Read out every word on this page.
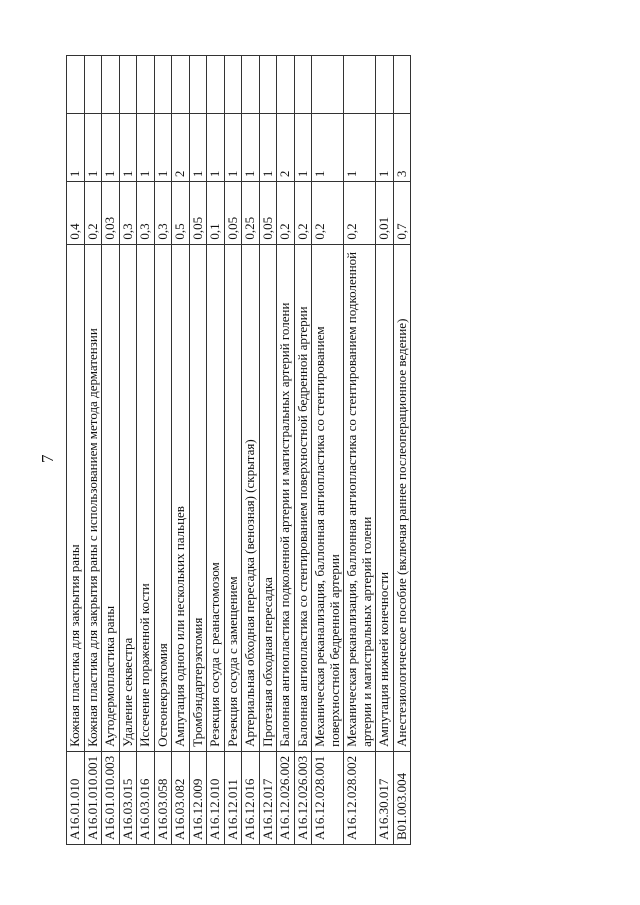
7
A16.01.010	Кожная пластика для закрытия раны	0,4	1	
A16.01.010.001	Кожная пластика для закрытия раны с использованием метода дерматензии	0,2	1	
A16.01.010.003	Аутодермопластика раны	0,03	1	
A16.03.015	Удаление секвестра	0,3	1	
A16.03.016	Иссечение пораженной кости	0,3	1	
A16.03.058	Остеонекрэктомия	0,3	1	
A16.03.082	Ампутация одного или нескольких пальцев	0,5	2	
A16.12.009	Тромбэндартерэктомия	0,05	1	
A16.12.010	Резекция сосуда с реанастомозом	0,1	1	
A16.12.011	Резекция сосуда с замещением	0,05	1	
A16.12.016	Артериальная обходная пересадка (венозная) (скрытая)	0,25	1	
A16.12.017	Протезная обходная пересадка	0,05	1	
A16.12.026.002	Балонная ангиопластика подколенной артерии и магистральных артерий голени	0,2	2	
A16.12.026.003	Балонная ангиопластика со стентированием поверхностной бедренной артерии	0,2	1	
A16.12.028.001	Механическая реканализация, баллонная ангиопластика со стентированием поверхностной бедренной артерии	0,2	1	
A16.12.028.002	Механическая реканализация, баллонная ангиопластика со стентированием подколенной артерии и магистральных артерий голени	0,2	1	
A16.30.017	Ампутация нижней конечности	0,01	1	
B01.003.004	Анестезиологическое пособие (включая раннее послеоперационное ведение)	0,7	3	
